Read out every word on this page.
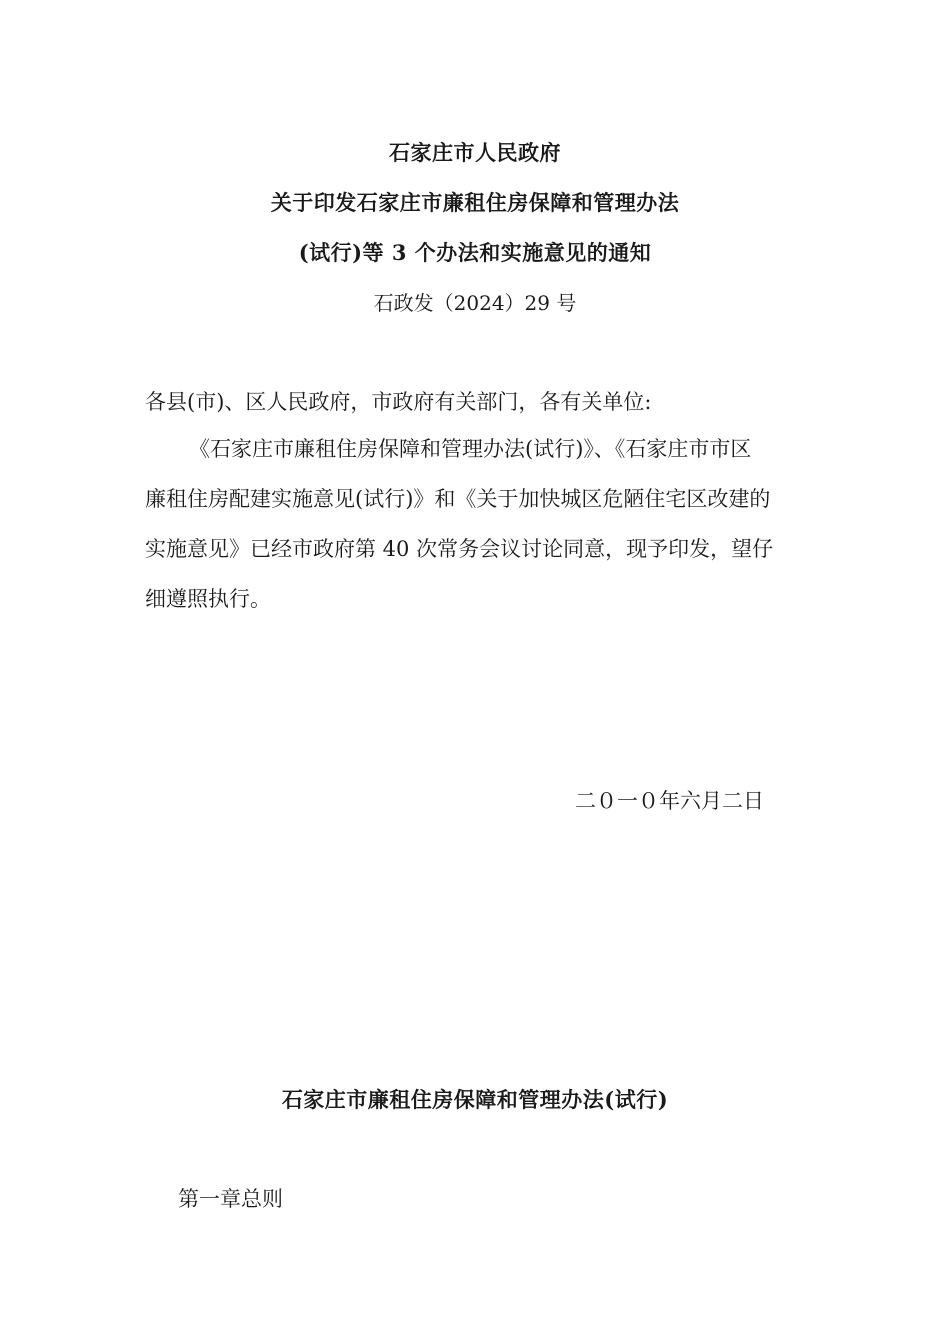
石家庄市人民政府
关于印发石家庄市廉租住房保障和管理办法
(试行)等 3 个办法和实施意见的通知
石政发（2024）29 号
各县(市)、区人民政府，市政府有关部门，各有关单位:
《石家庄市廉租住房保障和管理办法(试行)》、《石家庄市市区
廉租住房配建实施意见(试行)》和《关于加快城区危陋住宅区改建的
实施意见》已经市政府第 40 次常务会议讨论同意，现予印发，望仔
细遵照执行。
二０一０年六月二日
石家庄市廉租住房保障和管理办法(试行)
第一章总则
